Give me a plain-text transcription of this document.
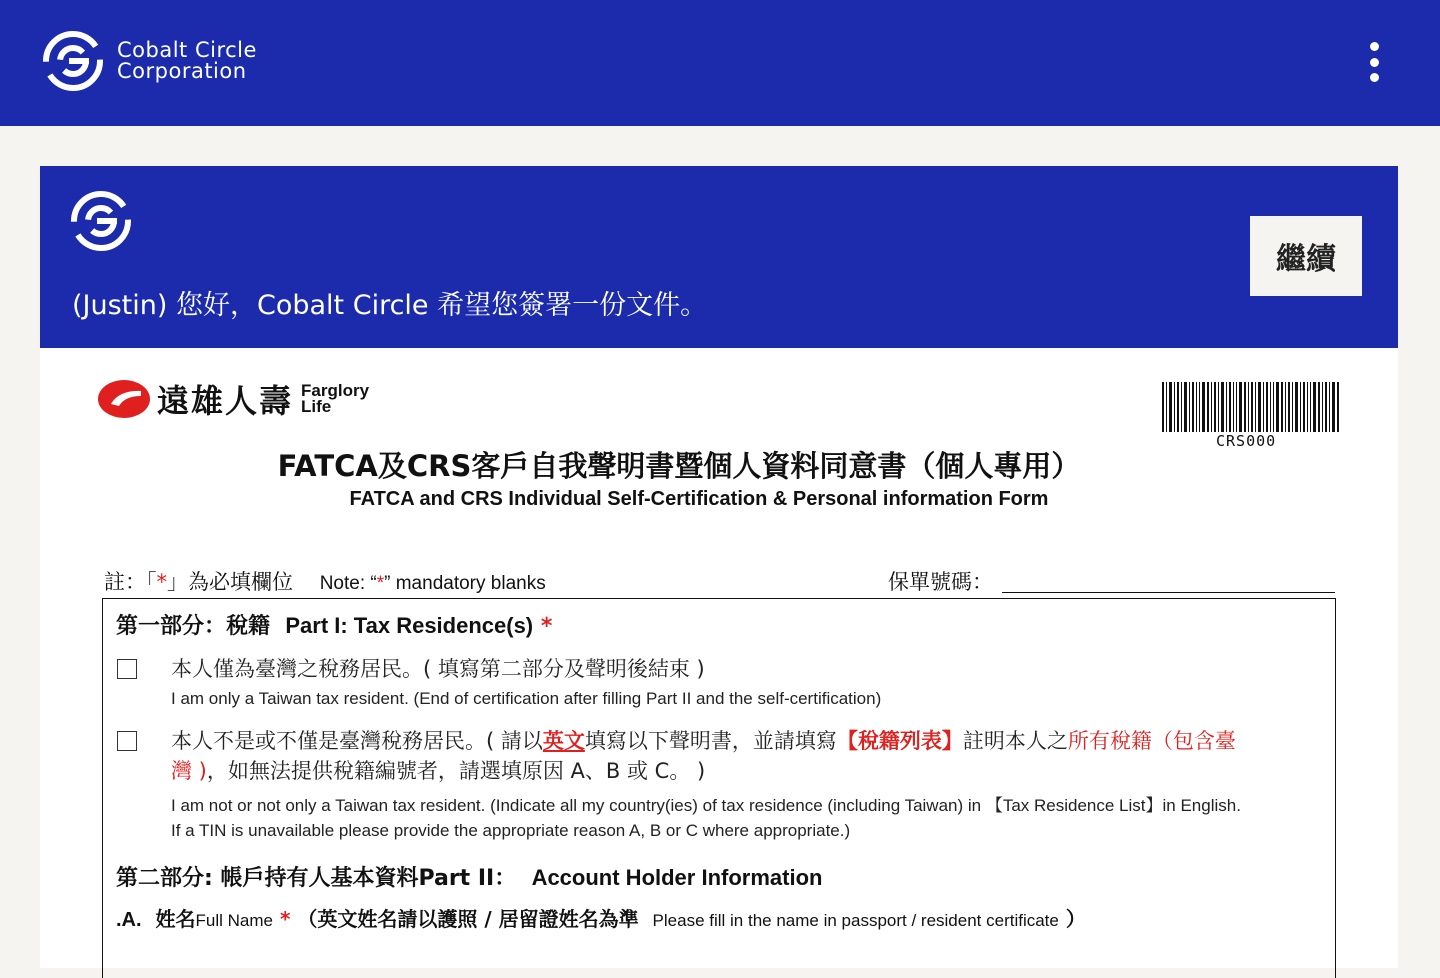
Cobalt Circle
Corporation
(Justin) 您好，Cobalt Circle 希望您簽署一份文件。
繼續
遠雄人壽 Farglory
Life
CRS000
FATCA及CRS客戶自我聲明書暨個人資料同意書（個人專用）
FATCA and CRS Individual Self-Certification & Personal information Form
註：「*」為必填欄位 Note: “*” mandatory blanks	保單號碼：
第一部分：稅籍 Part I: Tax Residence(s) *
本人僅為臺灣之稅務居民。( 填寫第二部分及聲明後結束 )
I am only a Taiwan tax resident. (End of certification after filling Part II and the self-certification)
本人不是或不僅是臺灣稅務居民。( 請以英文填寫以下聲明書，並請填寫【稅籍列表】註明本人之所有稅籍（包含臺
灣 )，如無法提供稅籍編號者，請選填原因 A、B 或 C。 )
I am not or not only a Taiwan tax resident. (Indicate all my country(ies) of tax residence (including Taiwan) in 【Tax Residence List】in English.
If a TIN is unavailable please provide the appropriate reason A, B or C where appropriate.)
第二部分: 帳戶持有人基本資料Part II： Account Holder Information
.A. 姓名Full Name * （英文姓名請以護照 / 居留證姓名為準 Please fill in the name in passport / resident certificate ）
